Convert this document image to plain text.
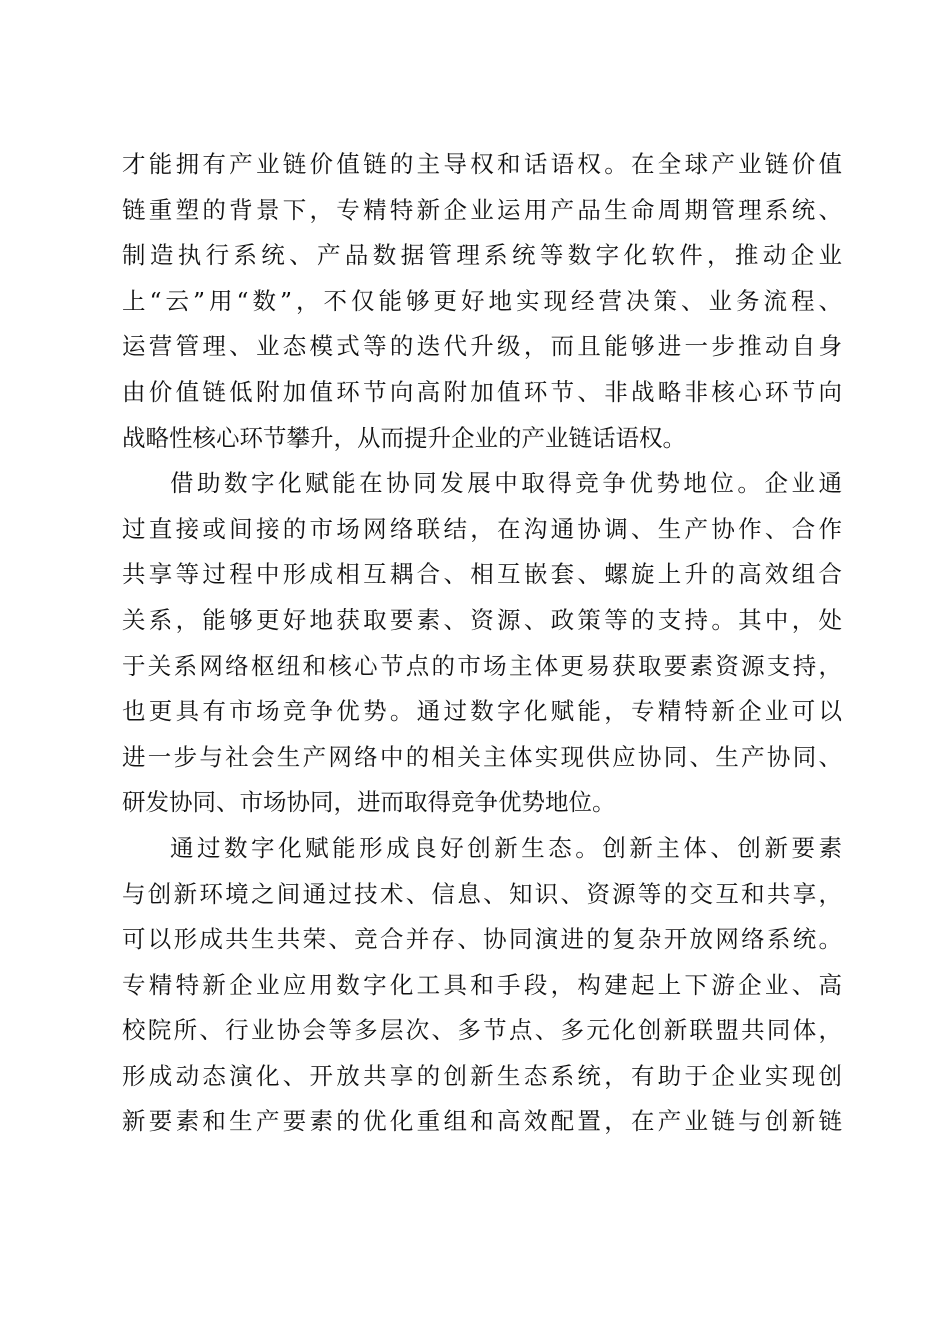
才能拥有产业链价值链的主导权和话语权。在全球产业链价值
链重塑的背景下，专精特新企业运用产品生命周期管理系统、
制造执行系统、产品数据管理系统等数字化软件，推动企业
上“云”用“数”，不仅能够更好地实现经营决策、业务流程、
运营管理、业态模式等的迭代升级，而且能够进一步推动自身
由价值链低附加值环节向高附加值环节、非战略非核心环节向
战略性核心环节攀升，从而提升企业的产业链话语权。
借助数字化赋能在协同发展中取得竞争优势地位。企业通
过直接或间接的市场网络联结，在沟通协调、生产协作、合作
共享等过程中形成相互耦合、相互嵌套、螺旋上升的高效组合
关系，能够更好地获取要素、资源、政策等的支持。其中，处
于关系网络枢纽和核心节点的市场主体更易获取要素资源支持，
也更具有市场竞争优势。通过数字化赋能，专精特新企业可以
进一步与社会生产网络中的相关主体实现供应协同、生产协同、
研发协同、市场协同，进而取得竞争优势地位。
通过数字化赋能形成良好创新生态。创新主体、创新要素
与创新环境之间通过技术、信息、知识、资源等的交互和共享，
可以形成共生共荣、竞合并存、协同演进的复杂开放网络系统。
专精特新企业应用数字化工具和手段，构建起上下游企业、高
校院所、行业协会等多层次、多节点、多元化创新联盟共同体，
形成动态演化、开放共享的创新生态系统，有助于企业实现创
新要素和生产要素的优化重组和高效配置，在产业链与创新链
